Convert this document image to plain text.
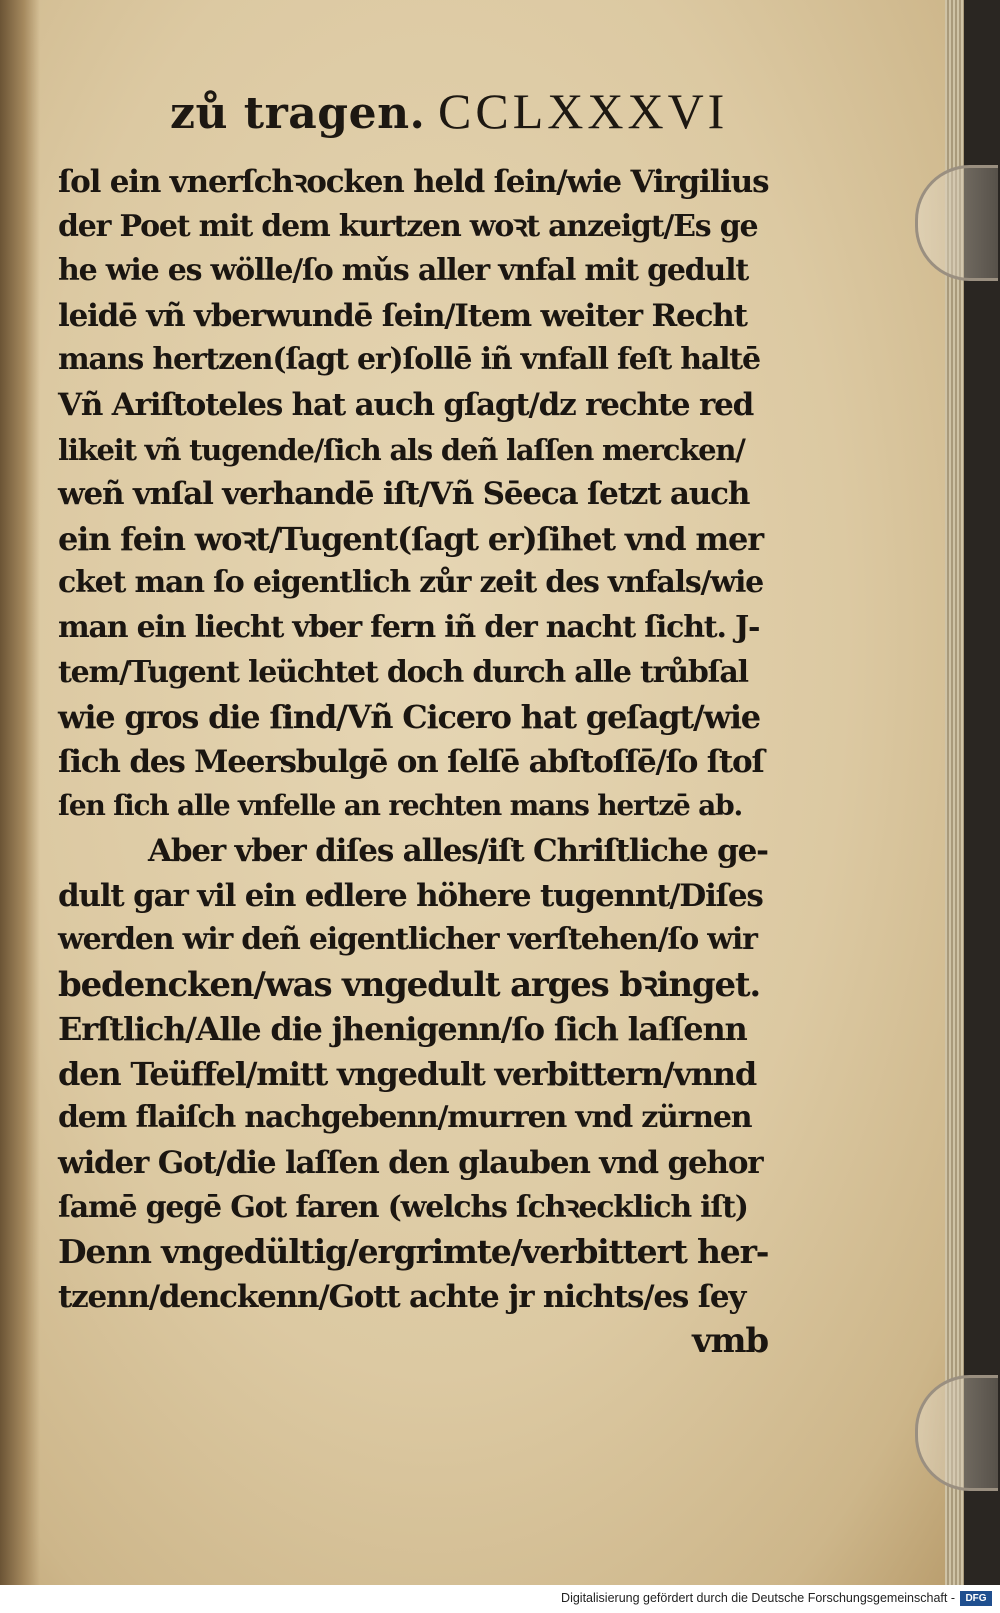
zů tragen. CCLXXXVI
ſol ein vnerſchꝛocken held ſein/wie Virgilius
der Poet mit dem kurtzen woꝛt anzeigt/Es ge
he wie es wölle/ſo mǔs aller vnfal mit gedult
leidē vñ vberwundē ſein/Item weiter Recht
mans hertzen(ſagt er)ſollē iñ vnfall feſt haltē
Vñ Ariſtoteles hat auch gſagt/dz rechte red
likeit vñ tugende/ſich als deñ laſſen mercken/
weñ vnſal verhandē iſt/Vñ Sēeca ſetzt auch
ein fein woꝛt/Tugent(ſagt er)ſihet vnd mer
cket man ſo eigentlich zůr zeit des vnfals/wie
man ein liecht vber fern iñ der nacht ſicht. J-
tem/Tugent leüchtet doch durch alle trůbſal
wie gros die ſind/Vñ Cicero hat geſagt/wie
ſich des Meersbulgē on ſelſē abſtoſſē/ſo ſtoſ
ſen ſich alle vnfelle an rechten mans hertzē ab.
Aber vber diſes alles/iſt Chriſtliche ge-
dult gar vil ein edlere höhere tugennt/Diſes
werden wir deñ eigentlicher verſtehen/ſo wir
bedencken/was vngedult arges bꝛinget.
Erſtlich/Alle die jhenigenn/ſo ſich laſſenn
den Teüffel/mitt vngedult verbittern/vnnd
dem flaiſch nachgebenn/murren vnd zürnen
wider Got/die laſſen den glauben vnd gehor
ſamē gegē Got faren (welchs ſchꝛecklich iſt)
Denn vngedültig/ergrimte/verbittert her-
tzenn/denckenn/Gott achte jr nichts/es ſey
vmb
Digitalisierung gefördert durch die Deutsche Forschungsgemeinschaft -	DFG
